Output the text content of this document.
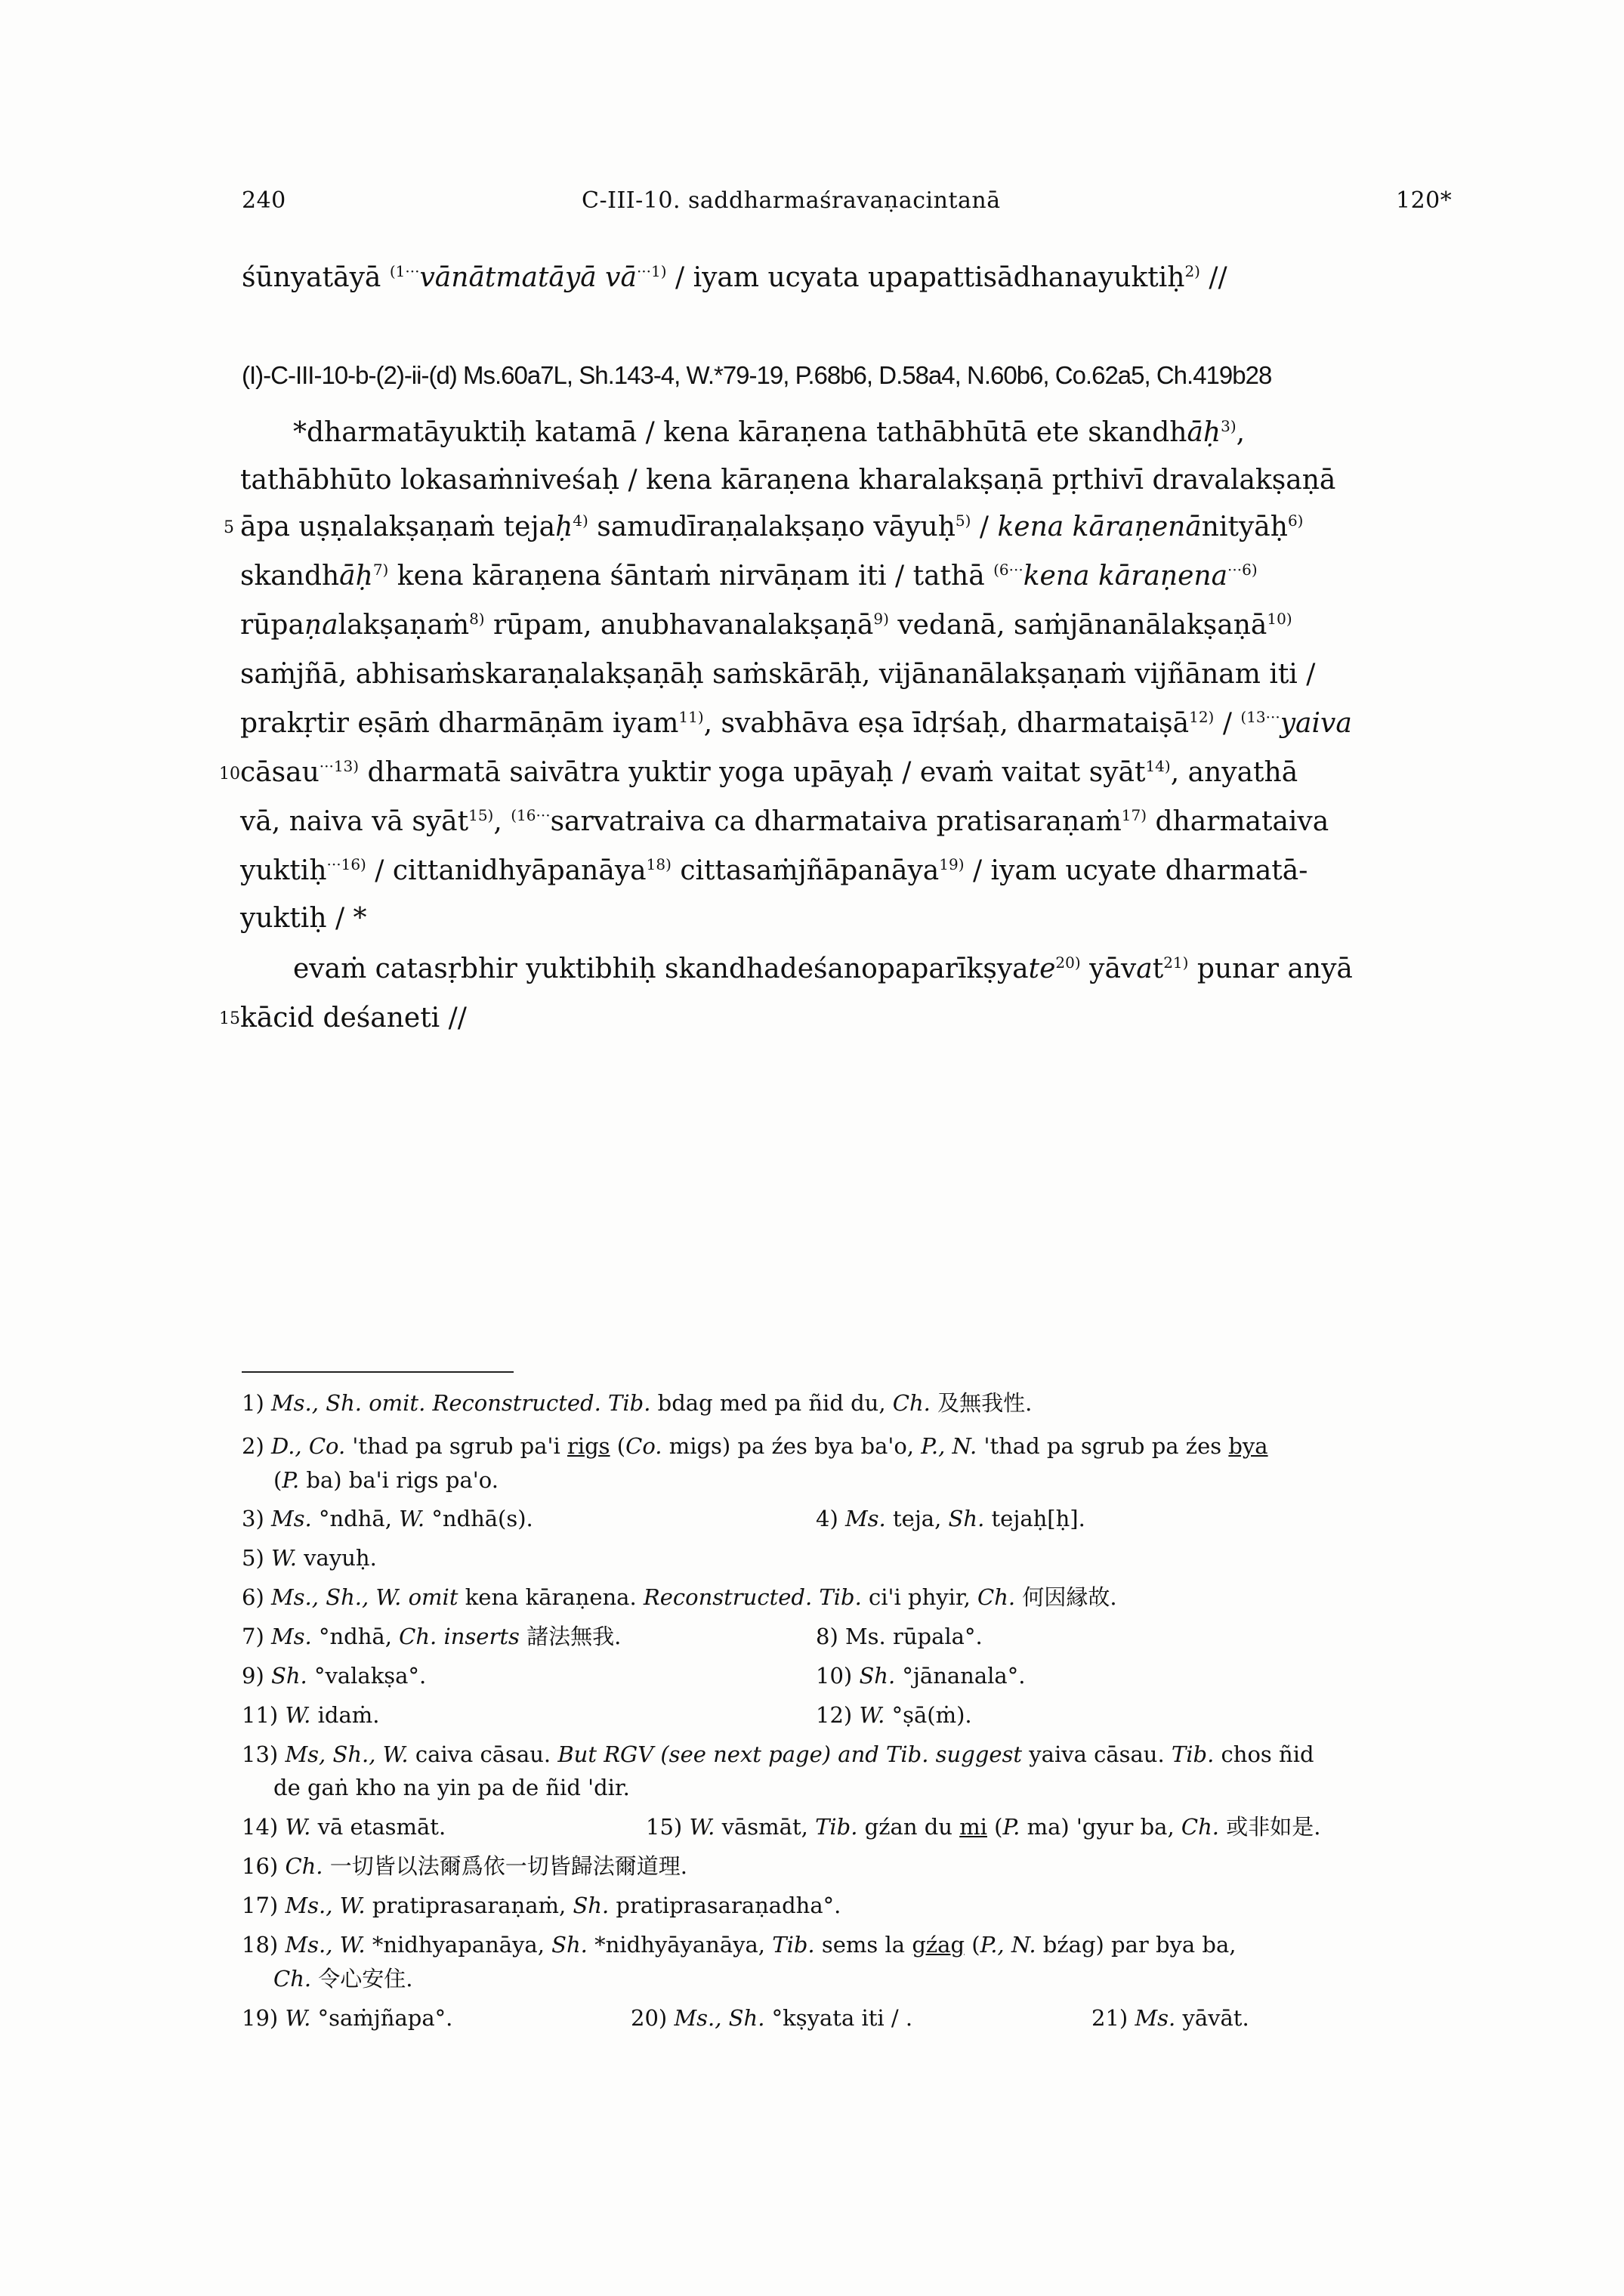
240	C-III-10. saddharmaśravaṇacintanā	120*
śūnyatāyā $^{(1\cdot\cdot\cdot}$vānātmatāyā $vā^{\cdot\cdot\cdot 1)}$ / iyam ucyata upapattisādhanayuktiḥ$^{2)}$ //
(I)-C-III-10-b-(2)-ii-(d) Ms.60a7L, Sh.143-4, W.*79-19, P.68b6, D.58a4, N.60b6, Co.62a5, Ch.419b28
*dharmatāyuktiḥ katamā / kena kāraṇena tathābhūtā ete skandhāḥ$^{3)}$,
tathābhūto lokasaṁniveśaḥ / kena kāraṇena kharalakṣaṇā pṛthivī dravalakṣaṇā
5 āpa uṣṇalakṣaṇaṁ tejaḥ$^{4)}$ samudīraṇalakṣaṇo vāyuḥ$^{5)}$ / kena kāraṇenānityāḥ$^{6)}$
skandhāḥ$^{7)}$ kena kāraṇena śāntaṁ nirvāṇam iti / tathā $^{(6\cdot\cdot\cdot}$kena kāraṇena$^{\cdot\cdot\cdot 6)}$
rūpaṇalakṣaṇaṁ$^{8)}$ rūpam, anubhavanalakṣaṇā$^{9)}$ vedanā, saṁjānanālakṣaṇā$^{10)}$
saṁjñā, abhisaṁskaraṇalakṣaṇāḥ saṁskārāḥ, vijānanālakṣaṇaṁ vijñānam iti /
prakṛtir eṣāṁ dharmāṇām iyam$^{11)}$, svabhāva eṣa īdṛśaḥ, dharmataiṣā$^{12)}$ / $^{(13\cdot\cdot\cdot}$yaiva
10 cāsau$^{\cdot\cdot\cdot 13)}$ dharmatā saivātra yuktir yoga upāyaḥ / evaṁ vaitat syāt$^{14)}$, anyathā
vā, naiva vā syāt$^{15)}$, $^{(16\cdot\cdot\cdot}$sarvatraiva ca dharmataiva pratisaraṇaṁ$^{17)}$ dharmataiva
yuktiḥ$^{\cdot\cdot\cdot 16)}$ / cittanidhyāpanāya$^{18)}$ cittasaṁjñāpanāya$^{19)}$ / iyam ucyate dharmatā-
yuktiḥ / *
evaṁ catasṛbhir yuktibhiḥ skandhadeśanopaparīkṣyate$^{20)}$ yāvat$^{21)}$ punar anyā
15 kācid deśaneti //
1) Ms., Sh. omit. Reconstructed. Tib. bdag med pa ñid du, Ch. 及無我性.
2) D., Co. 'thad pa sgrub pa'i rigs (Co. migs) pa źes bya ba'o, P., N. 'thad pa sgrub pa źes bya
(P. ba) ba'i rigs pa'o.
3) Ms. °ndhā, W. °ndhā(s).	4) Ms. teja, Sh. tejaḥ[ḥ].
5) W. vayuḥ.
6) Ms., Sh., W. omit kena kāraṇena. Reconstructed. Tib. ci'i phyir, Ch. 何因縁故.
7) Ms. °ndhā, Ch. inserts 諸法無我.	8) Ms. rūpala°.
9) Sh. °valakṣa°.	10) Sh. °jānanala°.
11) W. idaṁ.	12) W. °ṣā(ṁ).
13) Ms, Sh., W. caiva cāsau. But RGV (see next page) and Tib. suggest yaiva cāsau. Tib. chos ñid
de gaṅ kho na yin pa de ñid 'dir.
14) W. vā etasmāt.	15) W. vāsmāt, Tib. gźan du mi (P. ma) 'gyur ba, Ch. 或非如是.
16) Ch. 一切皆以法爾爲依一切皆歸法爾道理.
17) Ms., W. pratiprasaraṇaṁ, Sh. pratiprasaraṇadha°.
18) Ms., W. *nidhyapanāya, Sh. *nidhyāyanāya, Tib. sems la gźag (P., N. bźag) par bya ba,
Ch. 令心安住.
19) W. °saṁjñapa°.	20) Ms., Sh. °kṣyata iti / .	21) Ms. yāvāt.
